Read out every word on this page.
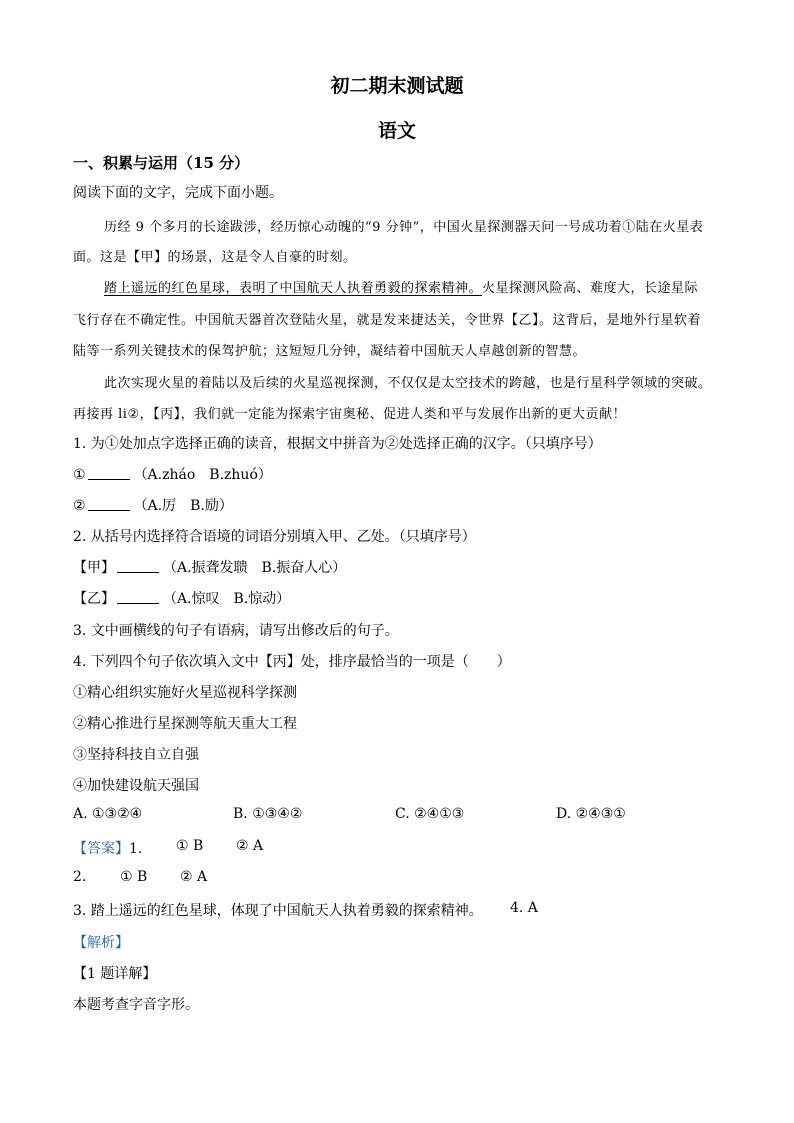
初二期末测试题
语文
一、积累与运用（15 分）
阅读下面的文字，完成下面小题。
历经 9 个多月的长途跋涉，经历惊心动魄的“9 分钟”，中国火星探测器天问一号成功着①陆在火星表
面。这是【甲】的场景，这是令人自豪的时刻。
踏上遥远的红色星球，表明了中国航天人执着勇毅的探索精神。火星探测风险高、难度大，长途星际
飞行存在不确定性。中国航天器首次登陆火星，就是发来捷达关，令世界【乙】。这背后，是地外行星软着
陆等一系列关键技术的保驾护航；这短短几分钟，凝结着中国航天人卓越创新的智慧。
此次实现火星的着陆以及后续的火星巡视探测，不仅仅是太空技术的跨越，也是行星科学领域的突破。
再接再 li②，【丙】，我们就一定能为探索宇宙奥秘、促进人类和平与发展作出新的更大贡献！
1. 为①处加点字选择正确的读音，根据文中拼音为②处选择正确的汉字。（只填序号）
①	（A.zháo　B.zhuó）
②	（A.厉　B.励）
2. 从括号内选择符合语境的词语分别填入甲、乙处。（只填序号）
【甲】	（A.振聋发聩　B.振奋人心）
【乙】	（A.惊叹　B.惊动）
3. 文中画横线的句子有语病，请写出修改后的句子。
4. 下列四个句子依次填入文中【丙】处，排序最恰当的一项是（　　）
①精心组织实施好火星巡视科学探测
②精心推进行星探测等航天重大工程
③坚持科技自立自强
④加快建设航天强国
A. ①③②④	B. ①③④②	C. ②④①③	D. ②④③①
【答案】1. ① B ② A
2. ① B ② A
3. 踏上遥远的红色星球，体现了中国航天人执着勇毅的探索精神。 4. A
【解析】
【1 题详解】
本题考查字音字形。
